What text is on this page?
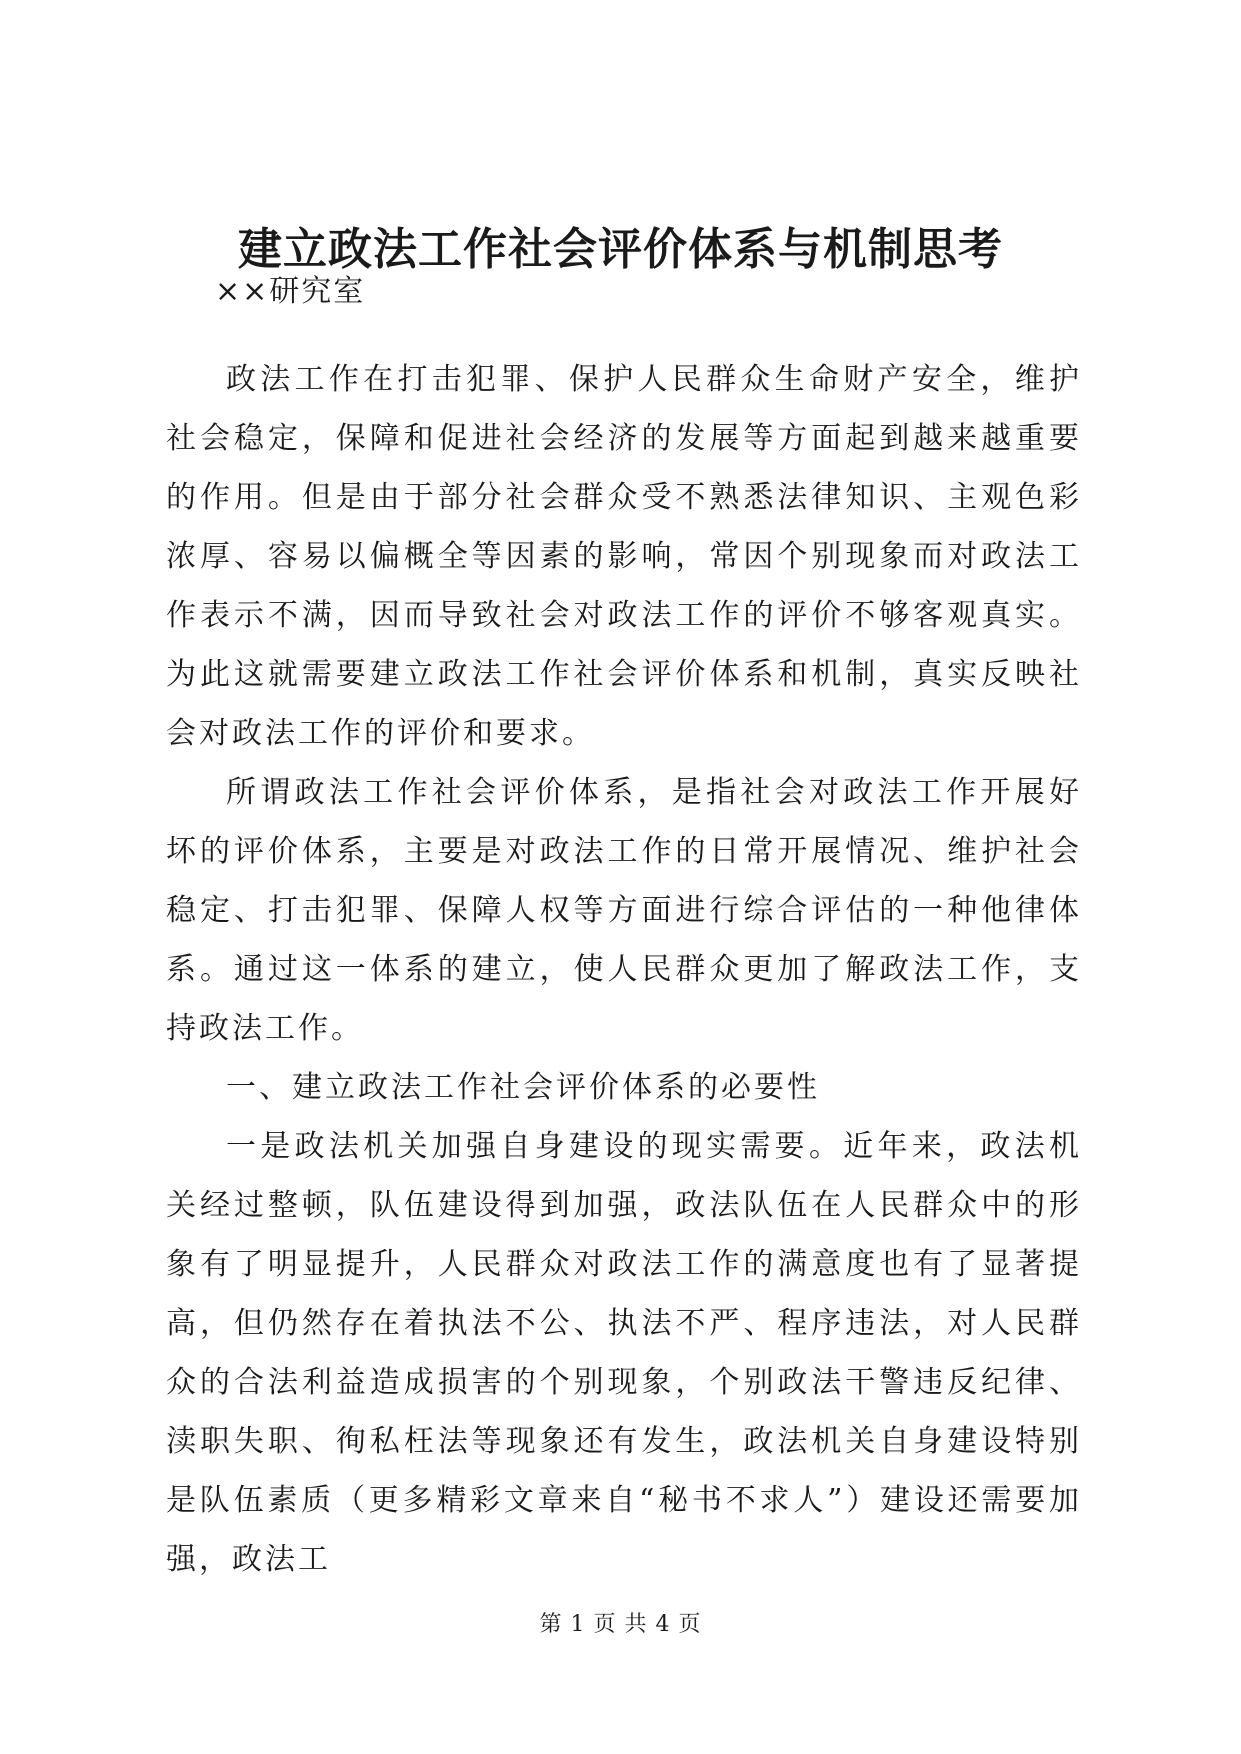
建立政法工作社会评价体系与机制思考
××研究室

政法工作在打击犯罪、保护人民群众生命财产安全，维护社会稳定，保障和促进社会经济的发展等方面起到越来越重要的作用。但是由于部分社会群众受不熟悉法律知识、主观色彩浓厚、容易以偏概全等因素的影响，常因个别现象而对政法工作表示不满，因而导致社会对政法工作的评价不够客观真实。为此这就需要建立政法工作社会评价体系和机制，真实反映社会对政法工作的评价和要求。

所谓政法工作社会评价体系，是指社会对政法工作开展好坏的评价体系，主要是对政法工作的日常开展情况、维护社会稳定、打击犯罪、保障人权等方面进行综合评估的一种他律体系。通过这一体系的建立，使人民群众更加了解政法工作，支持政法工作。

一、建立政法工作社会评价体系的必要性

一是政法机关加强自身建设的现实需要。近年来，政法机关经过整顿，队伍建设得到加强，政法队伍在人民群众中的形象有了明显提升，人民群众对政法工作的满意度也有了显著提高，但仍然存在着执法不公、执法不严、程序违法，对人民群众的合法利益造成损害的个别现象，个别政法干警违反纪律、渎职失职、徇私枉法等现象还有发生，政法机关自身建设特别是队伍素质（更多精彩文章来自“秘书不求人”）建设还需要加强，政法工

第 1 页 共 4 页
